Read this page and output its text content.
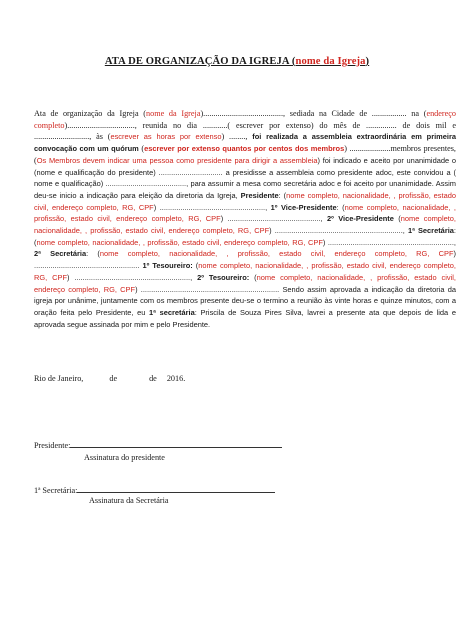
ATA DE ORGANIZAÇÃO DA IGREJA (nome da Igreja)

Ata de organização da Igreja (nome da Igreja)......................................., sediada na Cidade de ................. na (endereço completo)................................., reunida no dia ............( escrever por extenso) do mês de ............... de dois mil e ..........................., às (escrever as horas por extenso) ........, foi realizada a assembleia extraordinária em primeira convocação com um quórum (escrever por extenso quantos por centos dos membros) ....................membros presentes, (Os Membros devem indicar uma pessoa como presidente para dirigir a assembleia) foi indicado e aceito por unanimidade o (nome e qualificação do presidente) ............................... a presidisse a assembleia como presidente adoc, este convidou a ( nome e qualificação) ......................................., para assumir a mesa como secretária adoc e foi aceito por unanimidade. Assim deu-se inicio a indicação para eleição da diretoria da Igreja, Presidente: (nome completo, nacionalidade, , profissão, estado civil, endereço completo, RG, CPF) ..................................................., 1º Vice-Presidente: (nome completo, nacionalidade, , profissão, estado civil, endereço completo, RG, CPF) ............................................., 2º Vice-Presidente (nome completo, nacionalidade, , profissão, estado civil, endereço completo, RG, CPF) .............................................................., 1ª Secretária: (nome completo, nacionalidade, , profissão, estado civil, endereço completo, RG, CPF) ............................................................., 2ª Secretária: (nome completo, nacionalidade, , profissão, estado civil, endereço completo, RG, CPF) ................................................... 1º Tesoureiro: (nome completo, nacionalidade, , profissão, estado civil, endereço completo, RG, CPF) ........................................................, 2º Tesoureiro: (nome completo, nacionalidade, , profissão, estado civil, endereço completo, RG, CPF) ................................................................... Sendo assim aprovada a indicação da diretoria da igreja por unânime, juntamente com os membros presente deu-se o termino a reunião às vinte horas e quinze minutos, com a oração feita pelo Presidente, eu 1ª secretária: Priscila de Souza Pires Silva, lavrei a presente ata que depois de lida e aprovada segue assinada por mim e pelo Presidente.

Rio de Janeiro,	de	de 2016.
Presidente:
Assinatura do presidente
1ª Secretária:
Assinatura da Secretária
